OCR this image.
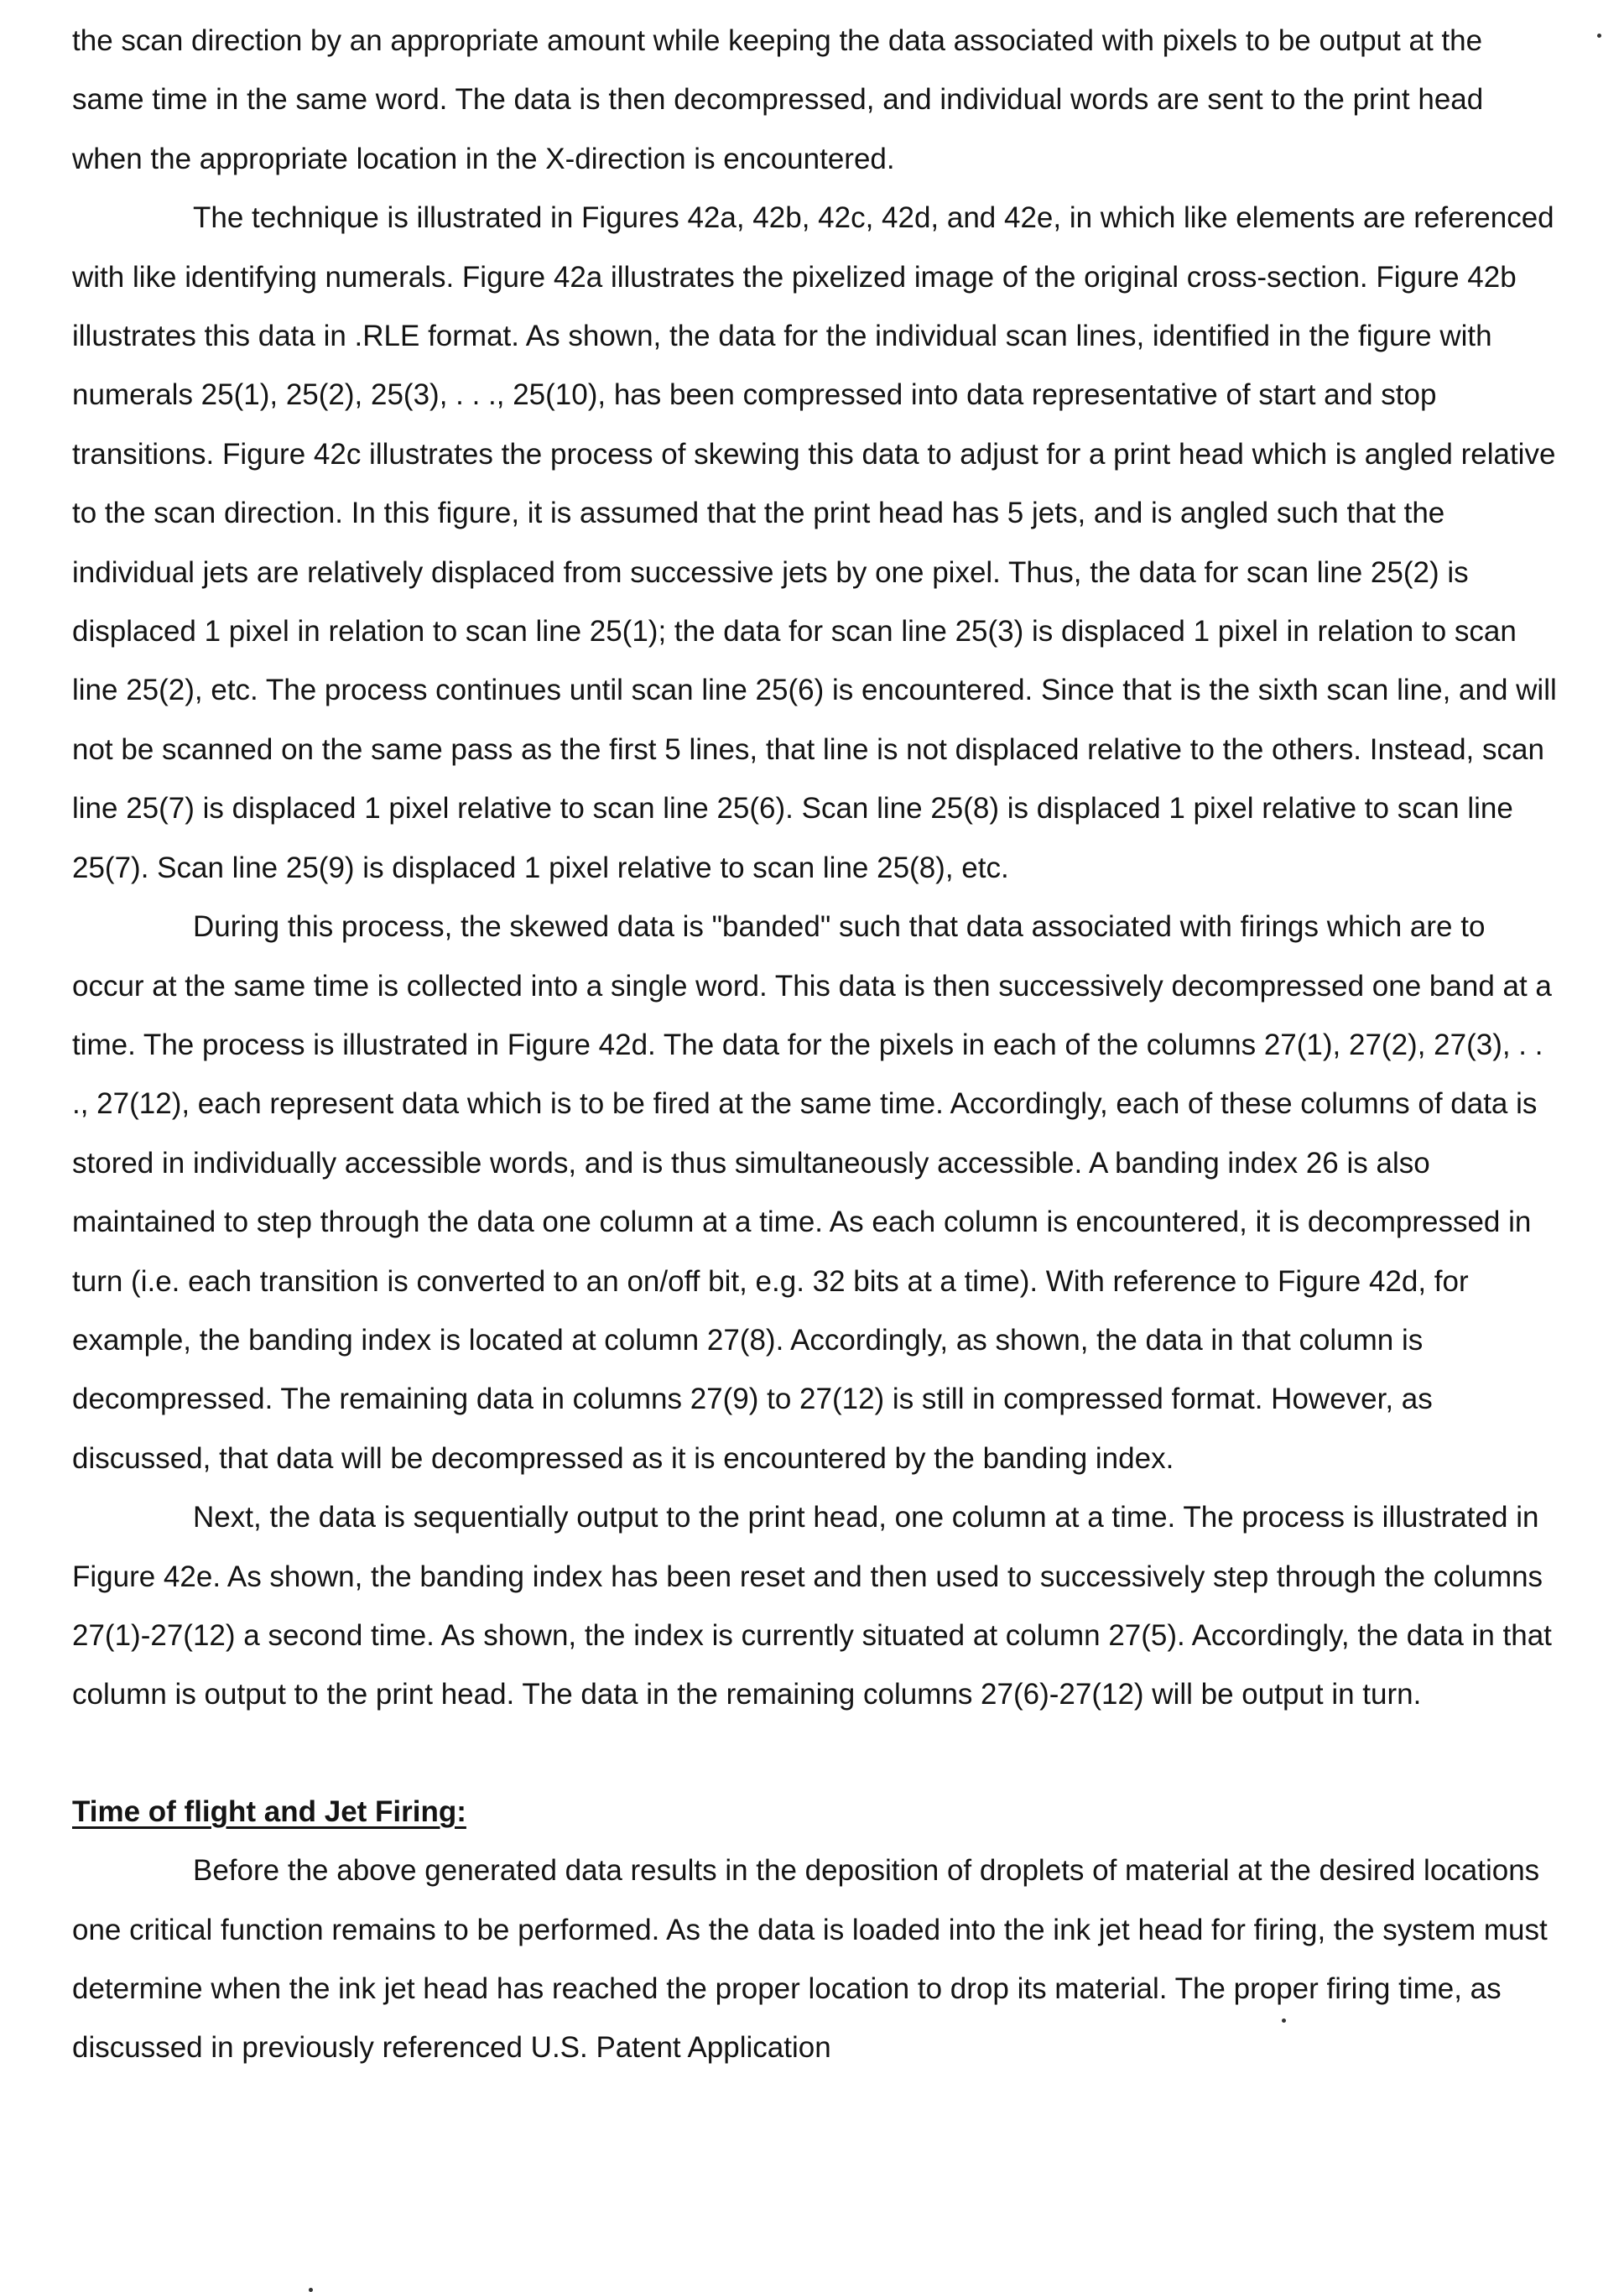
the scan direction by an appropriate amount while keeping the data associated with pixels to be output at the same time in the same word. The data is then decompressed, and individual words are sent to the print head when the appropriate location in the X-direction is encountered.

The technique is illustrated in Figures 42a, 42b, 42c, 42d, and 42e, in which like elements are referenced with like identifying numerals. Figure 42a illustrates the pixelized image of the original cross-section. Figure 42b illustrates this data in .RLE format. As shown, the data for the individual scan lines, identified in the figure with numerals 25(1), 25(2), 25(3), . . ., 25(10), has been compressed into data representative of start and stop transitions. Figure 42c illustrates the process of skewing this data to adjust for a print head which is angled relative to the scan direction. In this figure, it is assumed that the print head has 5 jets, and is angled such that the individual jets are relatively displaced from successive jets by one pixel. Thus, the data for scan line 25(2) is displaced 1 pixel in relation to scan line 25(1); the data for scan line 25(3) is displaced 1 pixel in relation to scan line 25(2), etc. The process continues until scan line 25(6) is encountered. Since that is the sixth scan line, and will not be scanned on the same pass as the first 5 lines, that line is not displaced relative to the others. Instead, scan line 25(7) is displaced 1 pixel relative to scan line 25(6). Scan line 25(8) is displaced 1 pixel relative to scan line 25(7). Scan line 25(9) is displaced 1 pixel relative to scan line 25(8), etc.

During this process, the skewed data is "banded" such that data associated with firings which are to occur at the same time is collected into a single word. This data is then successively decompressed one band at a time. The process is illustrated in Figure 42d. The data for the pixels in each of the columns 27(1), 27(2), 27(3), . . ., 27(12), each represent data which is to be fired at the same time. Accordingly, each of these columns of data is stored in individually accessible words, and is thus simultaneously accessible. A banding index 26 is also maintained to step through the data one column at a time. As each column is encountered, it is decompressed in turn (i.e. each transition is converted to an on/off bit, e.g. 32 bits at a time). With reference to Figure 42d, for example, the banding index is located at column 27(8). Accordingly, as shown, the data in that column is decompressed. The remaining data in columns 27(9) to 27(12) is still in compressed format. However, as discussed, that data will be decompressed as it is encountered by the banding index.

Next, the data is sequentially output to the print head, one column at a time. The process is illustrated in Figure 42e. As shown, the banding index has been reset and then used to successively step through the columns 27(1)-27(12) a second time. As shown, the index is currently situated at column 27(5). Accordingly, the data in that column is output to the print head. The data in the remaining columns 27(6)-27(12) will be output in turn.

Time of flight and Jet Firing:

Before the above generated data results in the deposition of droplets of material at the desired locations one critical function remains to be performed. As the data is loaded into the ink jet head for firing, the system must determine when the ink jet head has reached the proper location to drop its material. The proper firing time, as discussed in previously referenced U.S. Patent Application
